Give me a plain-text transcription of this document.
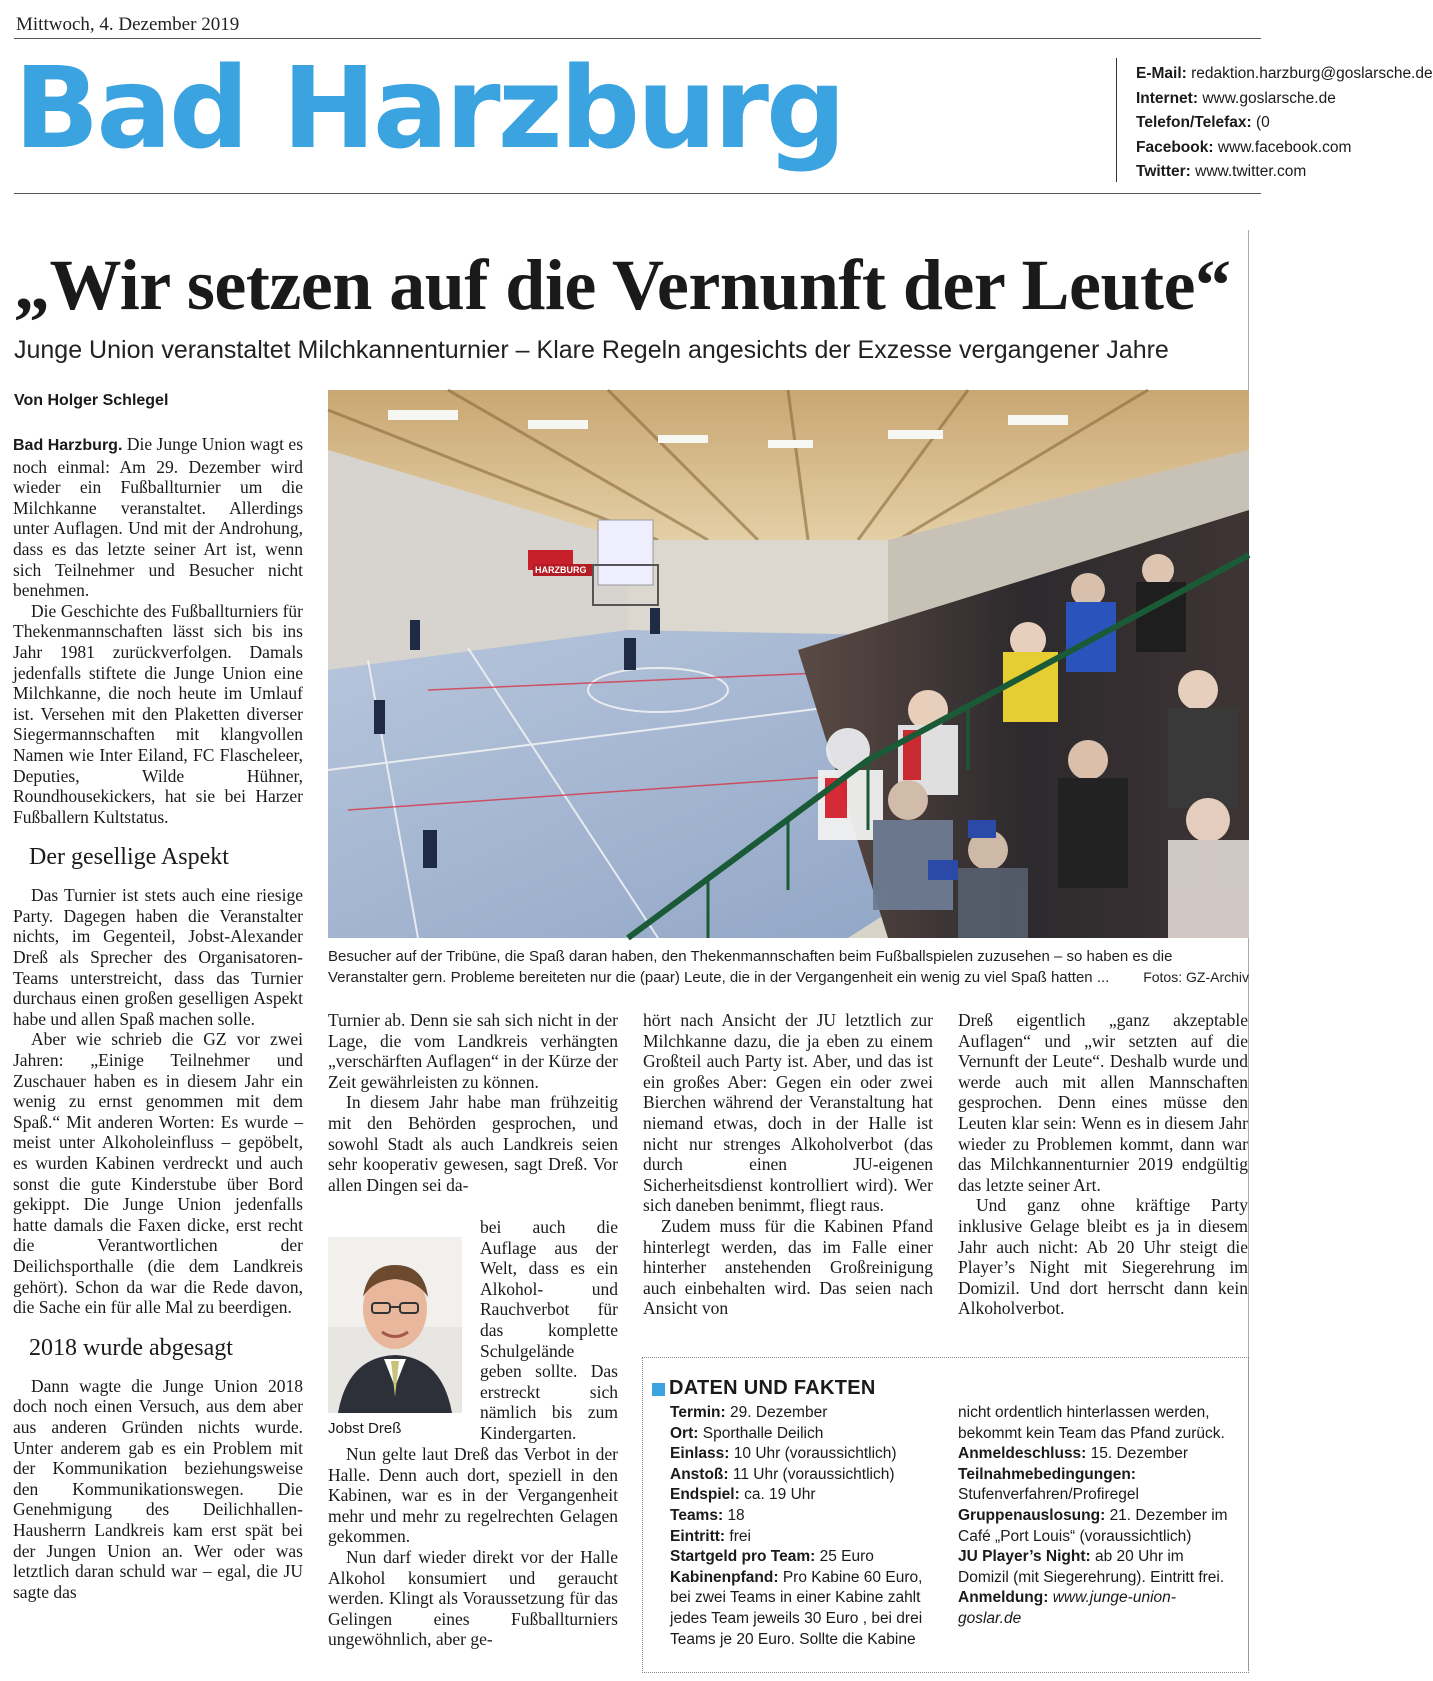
Mittwoch, 4. Dezember 2019
Bad Harzburg	E-Mail: redaktion.harzburg@goslarsche.de
Internet: www.goslarsche.de
Telefon/Telefax: (0
Facebook: www.facebook.com
Twitter: www.twitter.com
„Wir setzen auf die Vernunft der Leute“
Junge Union veranstaltet Milchkannenturnier – Klare Regeln angesichts der Exzesse vergangener Jahre
Von Holger Schlegel

Bad Harzburg. Die Junge Union wagt es noch einmal: Am 29. Dezember wird wieder ein Fußballturnier um die Milchkanne veranstaltet. Allerdings unter Auflagen. Und mit der Androhung, dass es das letzte seiner Art ist, wenn sich Teilnehmer und Besucher nicht benehmen.

Die Geschichte des Fußballturniers für Thekenmannschaften lässt sich bis ins Jahr 1981 zurückverfolgen. Damals jedenfalls stiftete die Junge Union eine Milchkanne, die noch heute im Umlauf ist. Versehen mit den Plaketten diverser Siegermannschaften mit klangvollen Namen wie Inter Eiland, FC Flascheleer, Deputies, Wilde Hühner, Roundhousekickers, hat sie bei Harzer Fußballern Kultstatus.

Der gesellige Aspekt

Das Turnier ist stets auch eine riesige Party. Dagegen haben die Veranstalter nichts, im Gegenteil, Jobst-Alexander Dreß als Sprecher des Organisatoren-Teams unterstreicht, dass das Turnier durchaus einen großen geselligen Aspekt habe und allen Spaß machen solle.

Aber wie schrieb die GZ vor zwei Jahren: „Einige Teilnehmer und Zuschauer haben es in diesem Jahr ein wenig zu ernst genommen mit dem Spaß.“ Mit anderen Worten: Es wurde – meist unter Alkoholeinfluss – gepöbelt, es wurden Kabinen verdreckt und auch sonst die gute Kinderstube über Bord gekippt. Die Junge Union jedenfalls hatte damals die Faxen dicke, erst recht die Verantwortlichen der Deilichsporthalle (die dem Landkreis gehört). Schon da war die Rede davon, die Sache ein für alle Mal zu beerdigen.

2018 wurde abgesagt

Dann wagte die Junge Union 2018 doch noch einen Versuch, aus dem aber aus anderen Gründen nichts wurde. Unter anderem gab es ein Problem mit der Kommunikation beziehungsweise den Kommunikationswegen. Die Genehmigung des Deilichhallen-Hausherrn Landkreis kam erst spät bei der Jungen Union an. Wer oder was letztlich daran schuld war – egal, die JU sagte das

HARZBURG
Besucher auf der Tribüne, die Spaß daran haben, den Thekenmannschaften beim Fußballspielen zuzusehen – so haben es die Veranstalter gern. Probleme bereiteten nur die (paar) Leute, die in der Vergangenheit ein wenig zu viel Spaß hatten ... Fotos: GZ-Archiv

Turnier ab. Denn sie sah sich nicht in der Lage, die vom Landkreis verhängten „verschärften Auflagen“ in der Kürze der Zeit gewährleisten zu können.

In diesem Jahr habe man frühzeitig mit den Behörden gesprochen, und sowohl Stadt als auch Landkreis seien sehr kooperativ gewesen, sagt Dreß. Vor allen Dingen sei da-

bei auch die Auflage aus der Welt, dass es ein Alkohol- und Rauchverbot für das komplette Schulgelände geben sollte. Das erstreckt sich nämlich bis zum Kindergarten.

Jobst Dreß

Nun gelte laut Dreß das Verbot in der Halle. Denn auch dort, speziell in den Kabinen, war es in der Vergangenheit mehr und mehr zu regelrechten Gelagen gekommen.

Nun darf wieder direkt vor der Halle Alkohol konsumiert und geraucht werden. Klingt als Voraussetzung für das Gelingen eines Fußballturniers ungewöhnlich, aber ge-

hört nach Ansicht der JU letztlich zur Milchkanne dazu, die ja eben zu einem Großteil auch Party ist. Aber, und das ist ein großes Aber: Gegen ein oder zwei Bierchen während der Veranstaltung hat niemand etwas, doch in der Halle ist nicht nur strenges Alkoholverbot (das durch einen JU-eigenen Sicherheitsdienst kontrolliert wird). Wer sich daneben benimmt, fliegt raus.

Zudem muss für die Kabinen Pfand hinterlegt werden, das im Falle einer hinterher anstehenden Großreinigung auch einbehalten wird. Das seien nach Ansicht von

Dreß eigentlich „ganz akzeptable Auflagen“ und „wir setzten auf die Vernunft der Leute“. Deshalb wurde und werde auch mit allen Mannschaften gesprochen. Denn eines müsse den Leuten klar sein: Wenn es in diesem Jahr wieder zu Problemen kommt, dann war das Milchkannenturnier 2019 endgültig das letzte seiner Art.

Und ganz ohne kräftige Party inklusive Gelage bleibt es ja in diesem Jahr auch nicht: Ab 20 Uhr steigt die Player’s Night mit Siegerehrung im Domizil. Und dort herrscht dann kein Alkoholverbot.

DATEN UND FAKTEN
Termin: 29. Dezember
Ort: Sporthalle Deilich
Einlass: 10 Uhr (voraussichtlich)
Anstoß: 11 Uhr (voraussichtlich)
Endspiel: ca. 19 Uhr
Teams: 18
Eintritt: frei
Startgeld pro Team: 25 Euro
Kabinenpfand: Pro Kabine 60 Euro, bei zwei Teams in einer Kabine zahlt jedes Team jeweils 30 Euro , bei drei Teams je 20 Euro. Sollte die Kabine
nicht ordentlich hinterlassen werden, bekommt kein Team das Pfand zurück.
Anmeldeschluss: 15. Dezember
Teilnahmebedingungen: Stufenverfahren/Profiregel
Gruppenauslosung: 21. Dezember im Café „Port Louis“ (voraussichtlich)
JU Player’s Night: ab 20 Uhr im Domizil (mit Siegerehrung). Eintritt frei.
Anmeldung: www.junge-union-goslar.de
